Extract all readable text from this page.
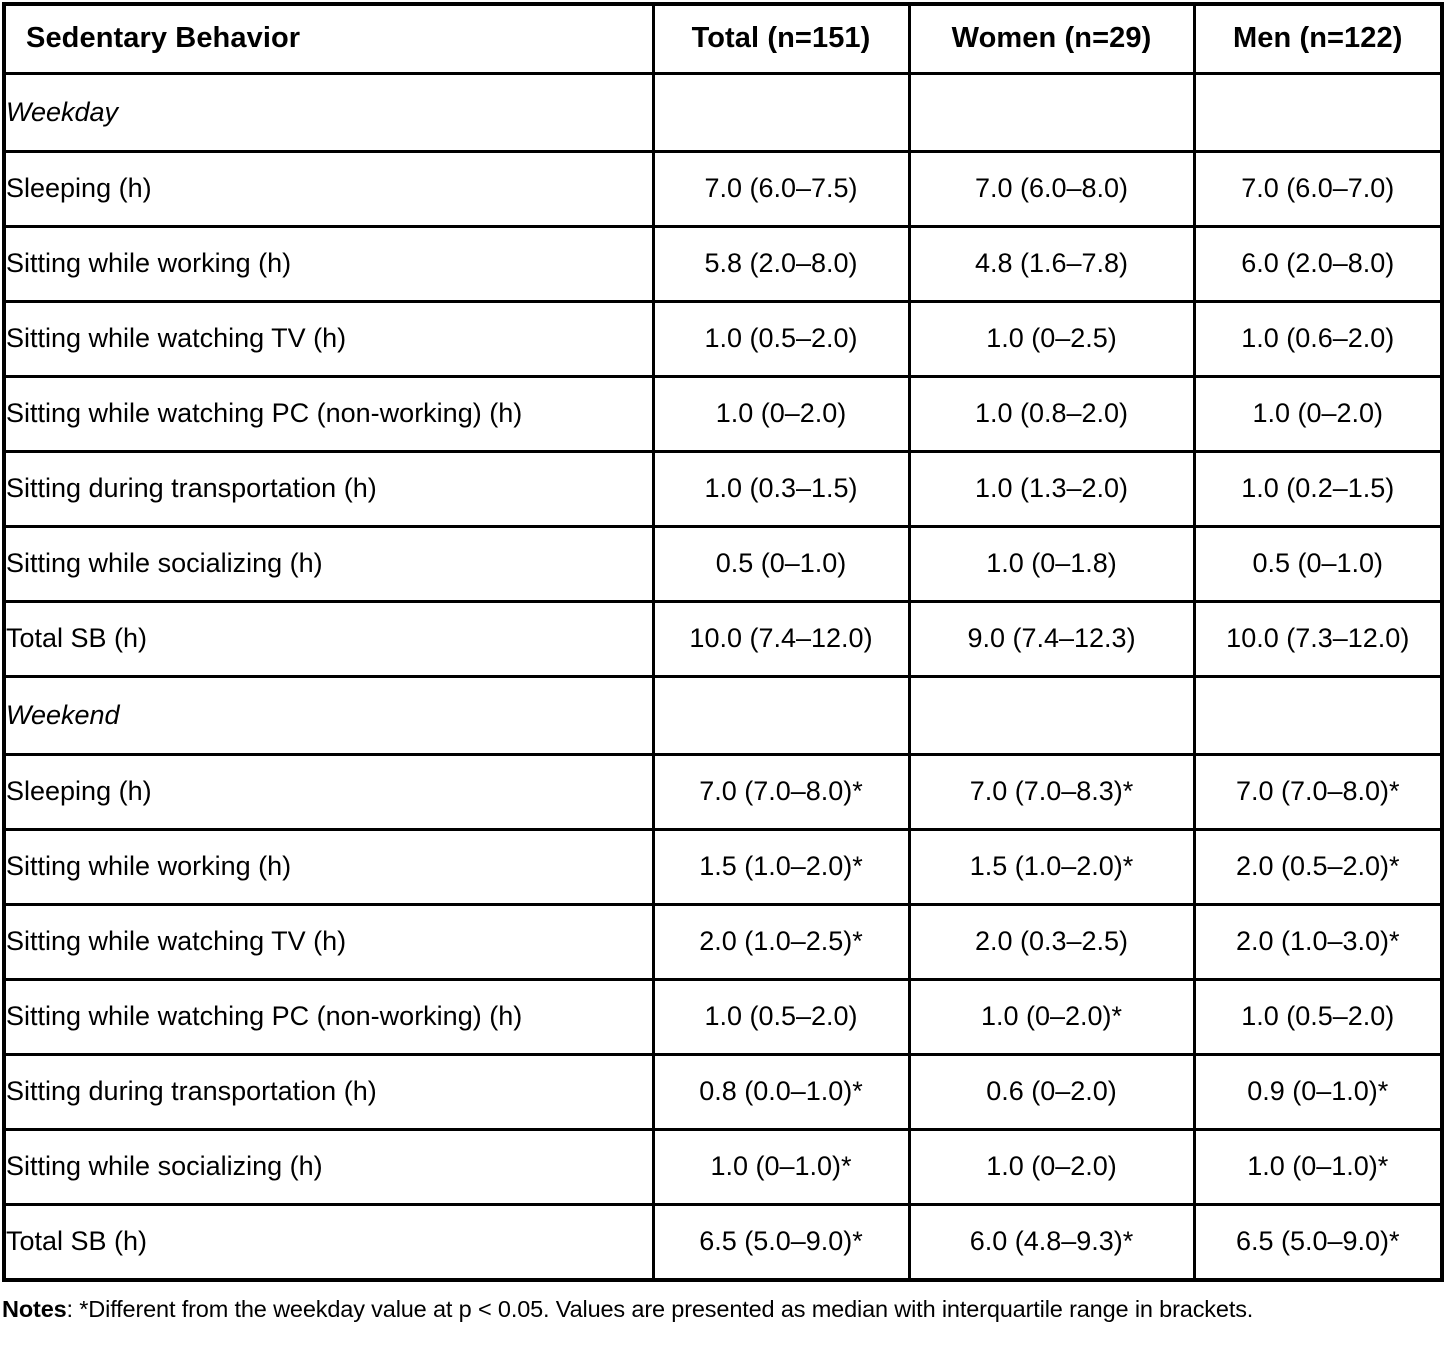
Sedentary Behavior	Total (n=151)	Women (n=29)	Men (n=122)
Weekday			
Sleeping (h)	7.0 (6.0–7.5)	7.0 (6.0–8.0)	7.0 (6.0–7.0)
Sitting while working (h)	5.8 (2.0–8.0)	4.8 (1.6–7.8)	6.0 (2.0–8.0)
Sitting while watching TV (h)	1.0 (0.5–2.0)	1.0 (0–2.5)	1.0 (0.6–2.0)
Sitting while watching PC (non-working) (h)	1.0 (0–2.0)	1.0 (0.8–2.0)	1.0 (0–2.0)
Sitting during transportation (h)	1.0 (0.3–1.5)	1.0 (1.3–2.0)	1.0 (0.2–1.5)
Sitting while socializing (h)	0.5 (0–1.0)	1.0 (0–1.8)	0.5 (0–1.0)
Total SB (h)	10.0 (7.4–12.0)	9.0 (7.4–12.3)	10.0 (7.3–12.0)
Weekend			
Sleeping (h)	7.0 (7.0–8.0)*	7.0 (7.0–8.3)*	7.0 (7.0–8.0)*
Sitting while working (h)	1.5 (1.0–2.0)*	1.5 (1.0–2.0)*	2.0 (0.5–2.0)*
Sitting while watching TV (h)	2.0 (1.0–2.5)*	2.0 (0.3–2.5)	2.0 (1.0–3.0)*
Sitting while watching PC (non-working) (h)	1.0 (0.5–2.0)	1.0 (0–2.0)*	1.0 (0.5–2.0)
Sitting during transportation (h)	0.8 (0.0–1.0)*	0.6 (0–2.0)	0.9 (0–1.0)*
Sitting while socializing (h)	1.0 (0–1.0)*	1.0 (0–2.0)	1.0 (0–1.0)*
Total SB (h)	6.5 (5.0–9.0)*	6.0 (4.8–9.3)*	6.5 (5.0–9.0)*
Notes: *Different from the weekday value at p < 0.05. Values are presented as median with interquartile range in brackets.
